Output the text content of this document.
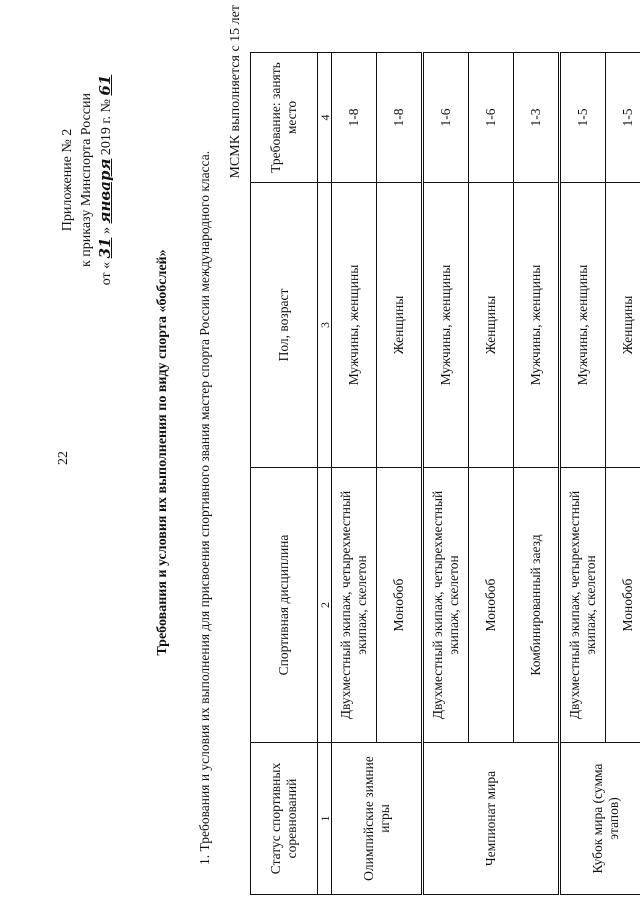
22
Приложение № 2 к приказу Минспорта России
от « 31 » января 2019 г. № 61
Требования и условия их выполнения по виду спорта «бобслей» 1. Требования и условия их выполнения для присвоения спортивного звания мастер спорта России международного класса.
МСМК выполняется с 15 лет
Статус спортивных соревнований	Спортивная дисциплина	Пол, возраст	Требование: занять место
1	2	3	4
Олимпийские зимние игры	Двухместный экипаж, четырехместный экипаж, скелетон	Мужчины, женщины	1-8
	Монобоб	Женщины	1-8
Чемпионат мира	Двухместный экипаж, четырехместный экипаж, скелетон	Мужчины, женщины	1-6
	Монобоб	Женщины	1-6
	Комбинированный заезд	Мужчины, женщины	1-3
Кубок мира (сумма этапов)	Двухместный экипаж, четырехместный экипаж, скелетон	Мужчины, женщины	1-5
	Монобоб	Женщины	1-5
